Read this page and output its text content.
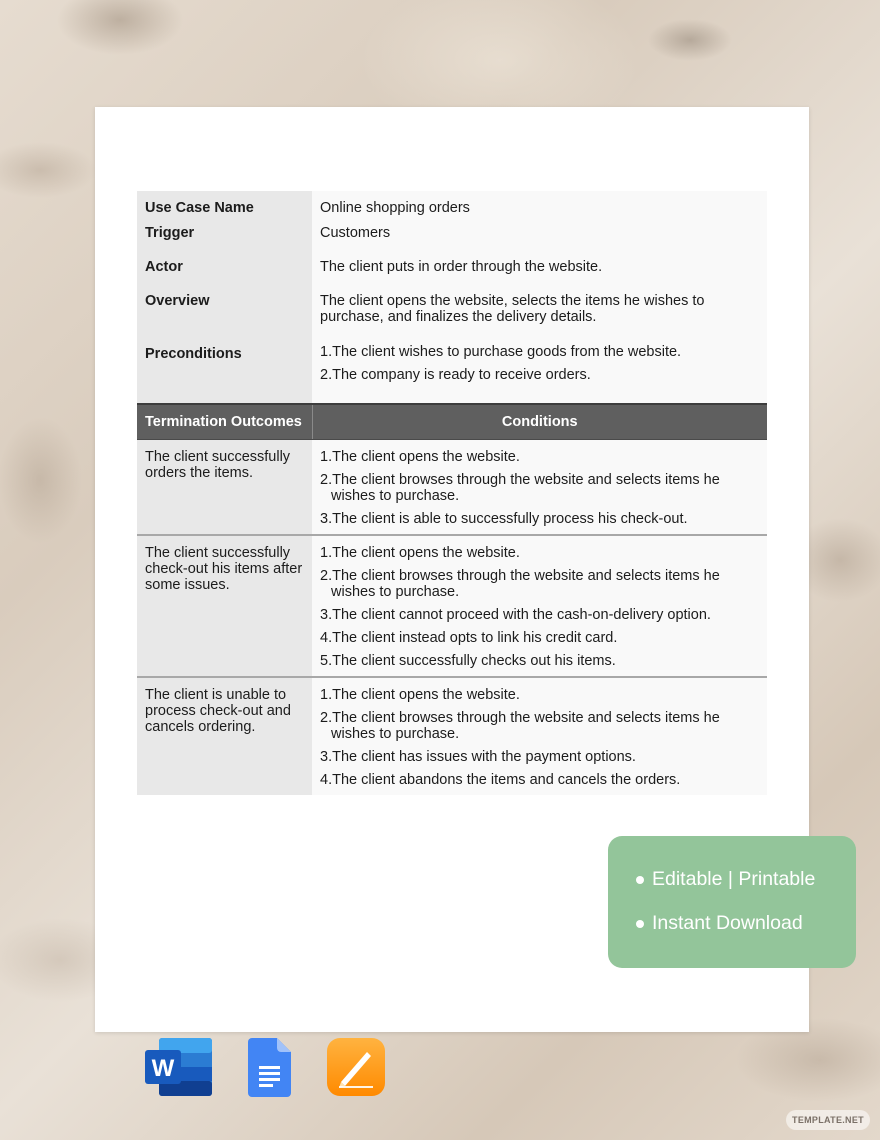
Use Case Name	Online shopping orders
Trigger	Customers
Actor	The client puts in order through the website.
Overview	The client opens the website, selects the items he wishes to purchase, and finalizes the delivery details.
Preconditions	1.The client wishes to purchase goods from the website.
2.The company is ready to receive orders.

Termination Outcomes	Conditions
The client successfully orders the items.	1.The client opens the website.
2.The client browses through the website and selects items he wishes to purchase.
3.The client is able to successfully process his check-out.

The client successfully check-out his items after some issues.	1.The client opens the website.
2.The client browses through the website and selects items he wishes to purchase.
3.The client cannot proceed with the cash-on-delivery option.
4.The client instead opts to link his credit card.
5.The client successfully checks out his items.

The client is unable to process check-out and cancels ordering.	1.The client opens the website.
2.The client browses through the website and selects items he wishes to purchase.
3.The client has issues with the payment options.
4.The client abandons the items and cancels the orders.
Editable | Printable
Instant Download
W
TEMPLATE.NET
